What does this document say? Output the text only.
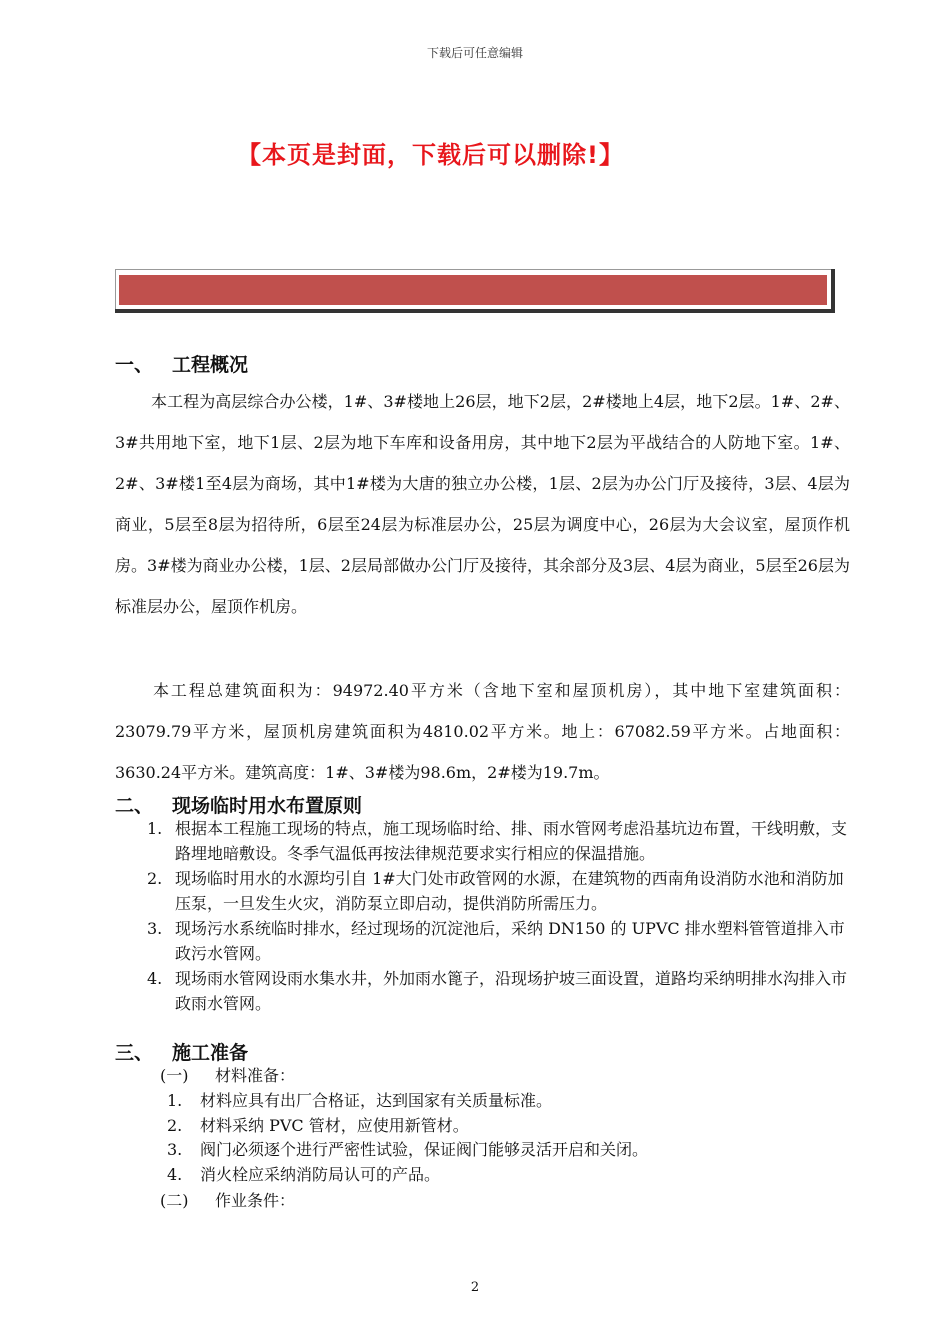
下载后可任意编辑
【本页是封面，下载后可以删除!】
一、 工程概况
本工程为高层综合办公楼，1#、3#楼地上26层，地下2层，2#楼地上4层，地下2层。1#、2#、3#共用地下室，地下1层、2层为地下车库和设备用房，其中地下2层为平战结合的人防地下室。1#、2#、3#楼1至4层为商场，其中1#楼为大唐的独立办公楼，1层、2层为办公门厅及接待，3层、4层为商业，5层至8层为招待所，6层至24层为标准层办公，25层为调度中心，26层为大会议室，屋顶作机房。3#楼为商业办公楼，1层、2层局部做办公门厅及接待，其余部分及3层、4层为商业，5层至26层为标准层办公，屋顶作机房。
本工程总建筑面积为：94972.40平方米（含地下室和屋顶机房），其中地下室建筑面积：23079.79平方米，屋顶机房建筑面积为4810.02平方米。地上：67082.59平方米。占地面积：3630.24平方米。建筑高度：1#、3#楼为98.6m，2#楼为19.7m。
二、 现场临时用水布置原则
1. 根据本工程施工现场的特点，施工现场临时给、排、雨水管网考虑沿基坑边布置，干线明敷，支路埋地暗敷设。冬季气温低再按法律规范要求实行相应的保温措施。
2. 现场临时用水的水源均引自 1#大门处市政管网的水源，在建筑物的西南角设消防水池和消防加压泵，一旦发生火灾，消防泵立即启动，提供消防所需压力。
3. 现场污水系统临时排水，经过现场的沉淀池后，采纳 DN150 的 UPVC 排水塑料管管道排入市政污水管网。
4. 现场雨水管网设雨水集水井，外加雨水篦子，沿现场护坡三面设置，道路均采纳明排水沟排入市政雨水管网。
三、 施工准备
(一) 材料准备：
1. 材料应具有出厂合格证，达到国家有关质量标准。
2. 材料采纳 PVC 管材，应使用新管材。
3. 阀门必须逐个进行严密性试验，保证阀门能够灵活开启和关闭。
4. 消火栓应采纳消防局认可的产品。
(二) 作业条件：
2
